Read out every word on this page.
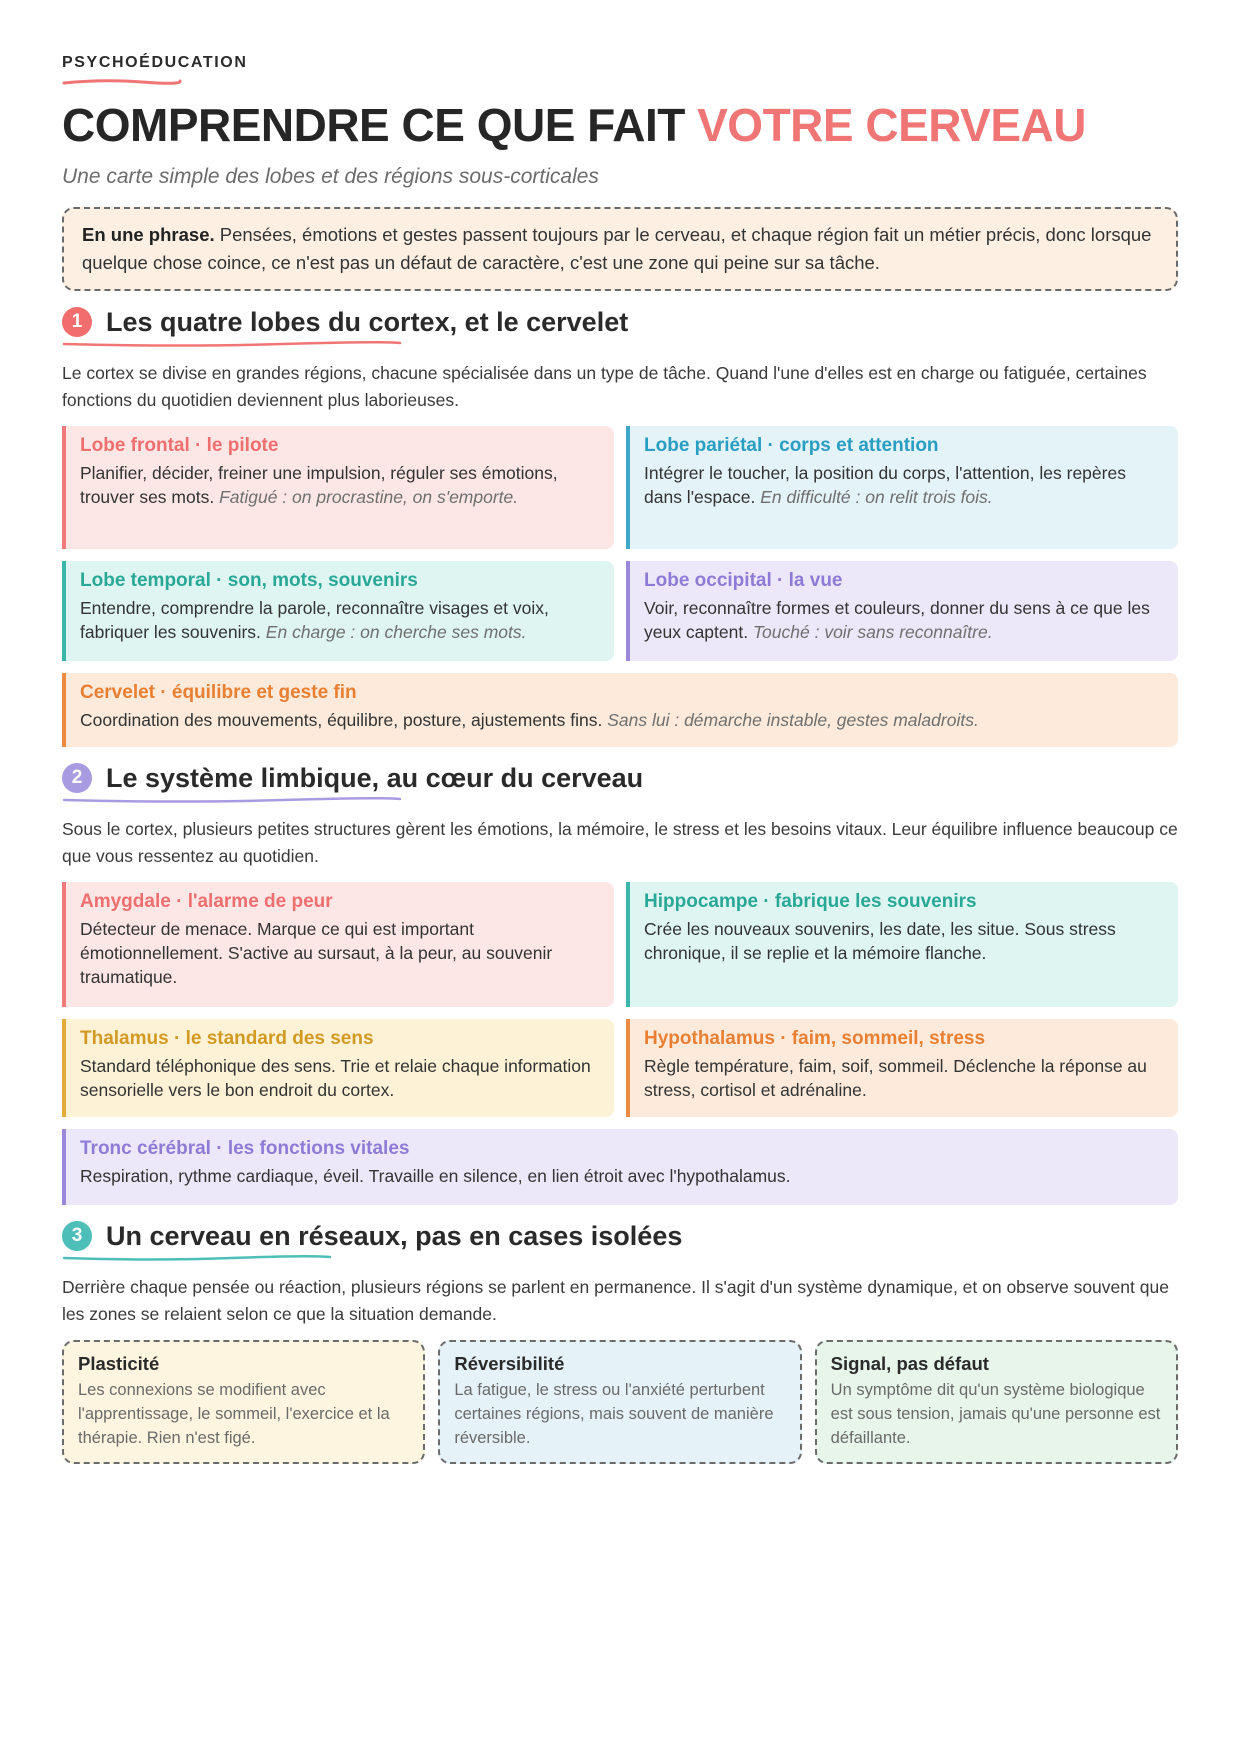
PSYCHOÉDUCATION

COMPRENDRE CE QUE FAIT VOTRE CERVEAU

Une carte simple des lobes et des régions sous-corticales

En une phrase. Pensées, émotions et gestes passent toujours par le cerveau, et chaque région fait un métier précis, donc lorsque quelque chose coince, ce n'est pas un défaut de caractère, c'est une zone qui peine sur sa tâche.
1 Les quatre lobes du cortex, et le cervelet

Le cortex se divise en grandes régions, chacune spécialisée dans un type de tâche. Quand l'une d'elles est en charge ou fatiguée, certaines fonctions du quotidien deviennent plus laborieuses.

Lobe frontal · le pilote
Planifier, décider, freiner une impulsion, réguler ses émotions, trouver ses mots. Fatigué : on procrastine, on s'emporte.
Lobe pariétal · corps et attention
Intégrer le toucher, la position du corps, l'attention, les repères dans l'espace. En difficulté : on relit trois fois.
Lobe temporal · son, mots, souvenirs
Entendre, comprendre la parole, reconnaître visages et voix, fabriquer les souvenirs. En charge : on cherche ses mots.
Lobe occipital · la vue
Voir, reconnaître formes et couleurs, donner du sens à ce que les yeux captent. Touché : voir sans reconnaître.
Cervelet · équilibre et geste fin
Coordination des mouvements, équilibre, posture, ajustements fins. Sans lui : démarche instable, gestes maladroits.
2 Le système limbique, au cœur du cerveau

Sous le cortex, plusieurs petites structures gèrent les émotions, la mémoire, le stress et les besoins vitaux. Leur équilibre influence beaucoup ce que vous ressentez au quotidien.

Amygdale · l'alarme de peur
Détecteur de menace. Marque ce qui est important émotionnellement. S'active au sursaut, à la peur, au souvenir traumatique.
Hippocampe · fabrique les souvenirs
Crée les nouveaux souvenirs, les date, les situe. Sous stress chronique, il se replie et la mémoire flanche.
Thalamus · le standard des sens
Standard téléphonique des sens. Trie et relaie chaque information sensorielle vers le bon endroit du cortex.
Hypothalamus · faim, sommeil, stress
Règle température, faim, soif, sommeil. Déclenche la réponse au stress, cortisol et adrénaline.
Tronc cérébral · les fonctions vitales
Respiration, rythme cardiaque, éveil. Travaille en silence, en lien étroit avec l'hypothalamus.
3 Un cerveau en réseaux, pas en cases isolées

Derrière chaque pensée ou réaction, plusieurs régions se parlent en permanence. Il s'agit d'un système dynamique, et on observe souvent que les zones se relaient selon ce que la situation demande.

Plasticité
Les connexions se modifient avec l'apprentissage, le sommeil, l'exercice et la thérapie. Rien n'est figé.
Réversibilité
La fatigue, le stress ou l'anxiété perturbent certaines régions, mais souvent de manière réversible.
Signal, pas défaut
Un symptôme dit qu'un système biologique est sous tension, jamais qu'une personne est défaillante.
